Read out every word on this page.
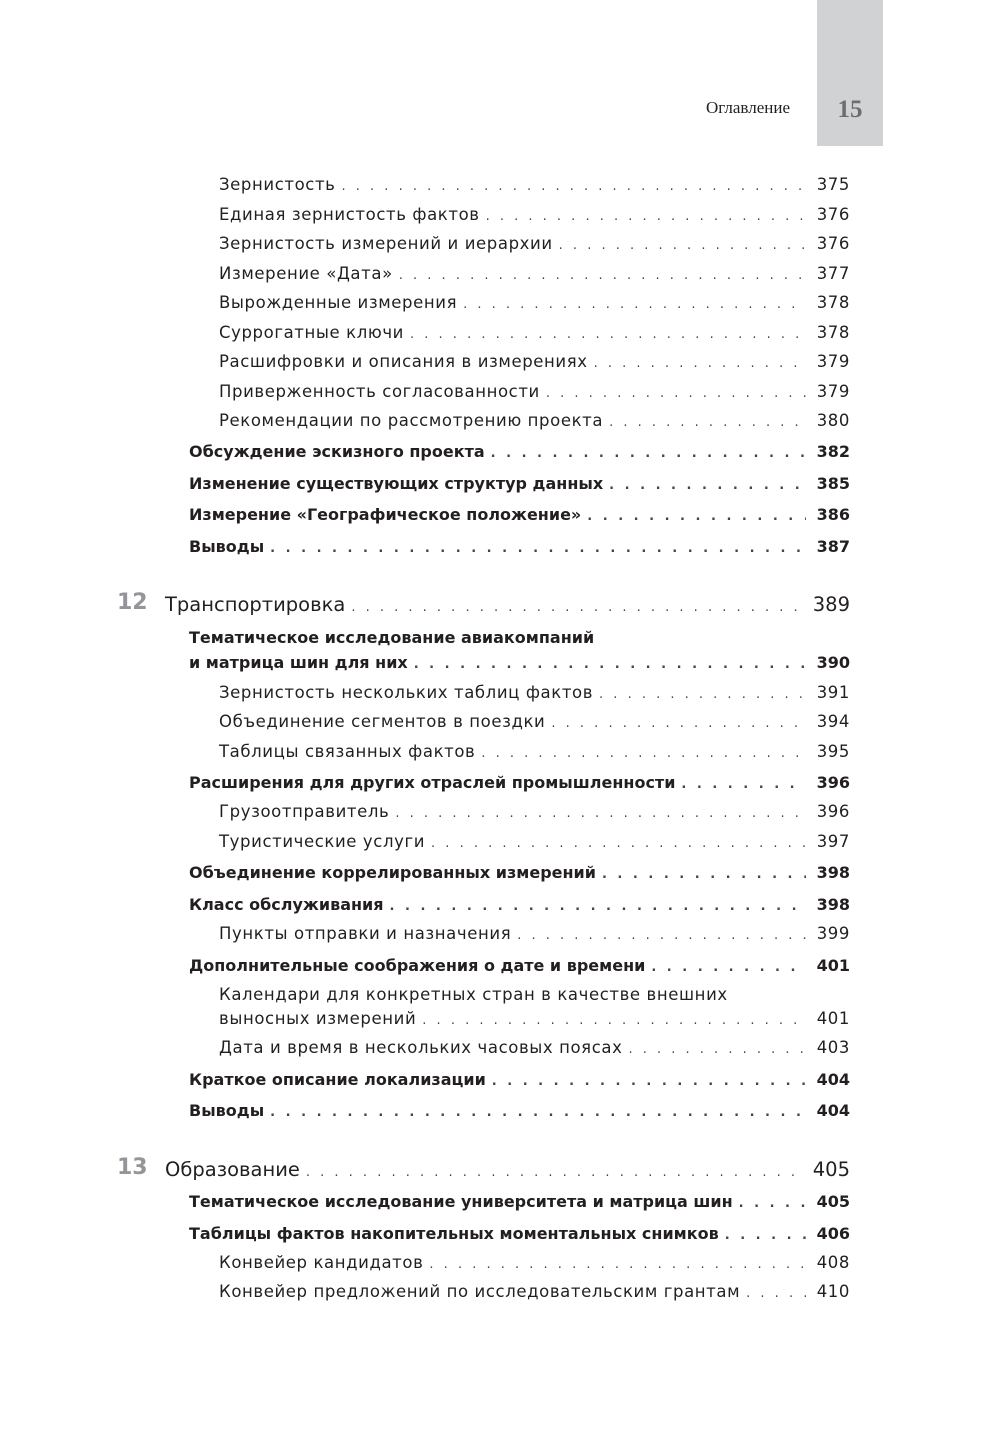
15
Оглавление
Зернистость . . .	375
Единая зернистость фактов . . .	376
Зернистость измерений и иерархии . . .	376
Измерение «Дата» . . .	377
Вырожденные измерения . . .	378
Суррогатные ключи . . .	378
Расшифровки и описания в измерениях . . .	379
Приверженность согласованности . . .	379
Рекомендации по рассмотрению проекта . . .	380
Обсуждение эскизного проекта . . .	382
Изменение существующих структур данных . . .	385
Измерение «Географическое положение» . . .	386
Выводы . . .	387
12 Транспортировка . . .	389
Тематическое исследование авиакомпаний
и матрица шин для них . . .	390
Зернистость нескольких таблиц фактов . . .	391
Объединение сегментов в поездки . . .	394
Таблицы связанных фактов . . .	395
Расширения для других отраслей промышленности . . .	396
Грузоотправитель . . .	396
Туристические услуги . . .	397
Объединение коррелированных измерений . . .	398
Класс обслуживания . . .	398
Пункты отправки и назначения . . .	399
Дополнительные соображения о дате и времени . . .	401
Календари для конкретных стран в качестве внешних
выносных измерений . . .	401
Дата и время в нескольких часовых поясах . . .	403
Краткое описание локализации . . .	404
Выводы . . .	404
13 Образование . . .	405
Тематическое исследование университета и матрица шин . . .	405
Таблицы фактов накопительных моментальных снимков . . .	406
Конвейер кандидатов . . .	408
Конвейер предложений по исследовательским грантам . . .	410
